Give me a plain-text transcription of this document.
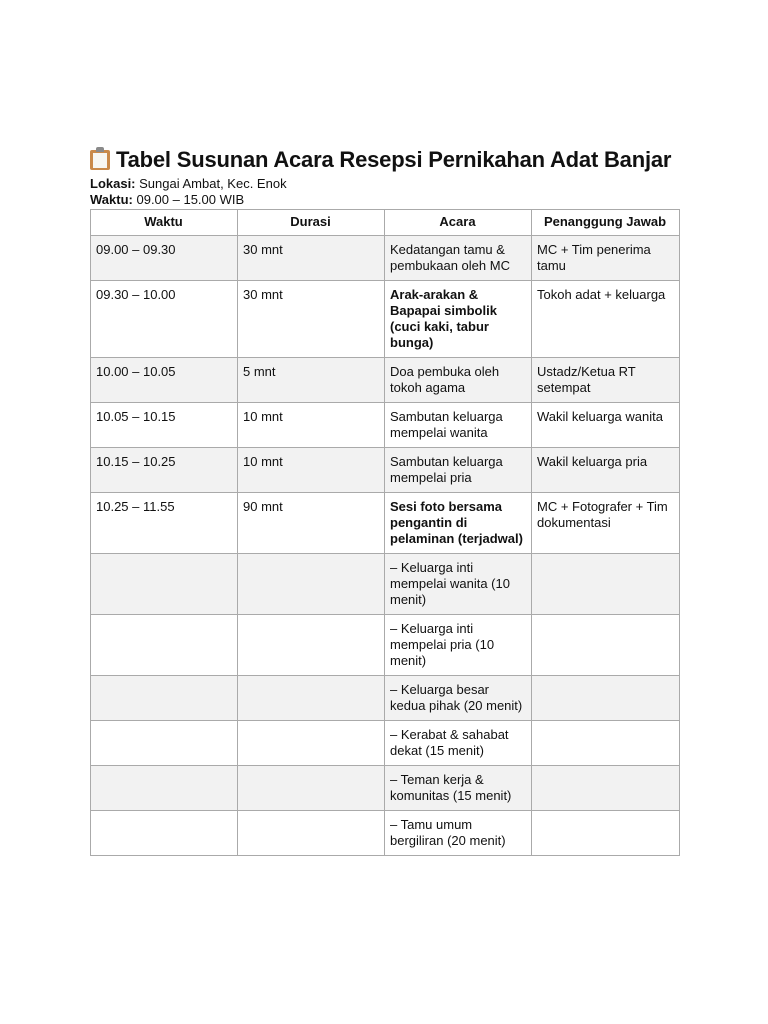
Tabel Susunan Acara Resepsi Pernikahan Adat Banjar
Lokasi: Sungai Ambat, Kec. Enok
Waktu: 09.00 – 15.00 WIB
Waktu	Durasi	Acara	Penanggung Jawab
09.00 – 09.30	30 mnt	Kedatangan tamu & pembukaan oleh MC	MC + Tim penerima tamu
09.30 – 10.00	30 mnt	Arak-arakan & Bapapai simbolik (cuci kaki, tabur bunga)	Tokoh adat + keluarga
10.00 – 10.05	5 mnt	Doa pembuka oleh tokoh agama	Ustadz/Ketua RT setempat
10.05 – 10.15	10 mnt	Sambutan keluarga mempelai wanita	Wakil keluarga wanita
10.15 – 10.25	10 mnt	Sambutan keluarga mempelai pria	Wakil keluarga pria
10.25 – 11.55	90 mnt	Sesi foto bersama pengantin di pelaminan (terjadwal)	MC + Fotografer + Tim dokumentasi
		– Keluarga inti mempelai wanita (10 menit)	
		– Keluarga inti mempelai pria (10 menit)	
		– Keluarga besar kedua pihak (20 menit)	
		– Kerabat & sahabat dekat (15 menit)	
		– Teman kerja & komunitas (15 menit)	
		– Tamu umum bergiliran (20 menit)	
